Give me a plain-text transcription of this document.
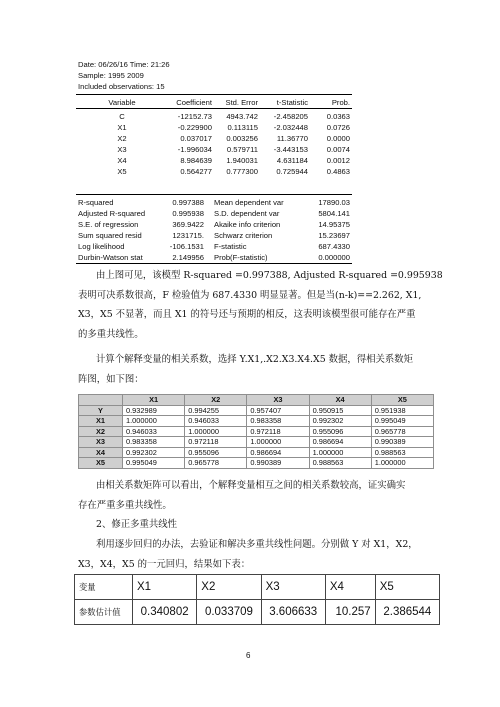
Date: 06/26/16 Time: 21:26
Sample: 1995 2009
Included observations: 15
Variable	Coefficient	Std. Error	t-Statistic	Prob.

C	-12152.73	4943.742	-2.458205	0.0363
X1	-0.229900	0.113115	-2.032448	0.0726
X2	0.037017	0.003256	11.36770	0.0000
X3	-1.996034	0.579711	-3.443153	0.0074
X4	8.984639	1.940031	4.631184	0.0012
X5	0.564277	0.777300	0.725944	0.4863
R-squared	0.997388	Mean dependent var	17890.03
Adjusted R-squared	0.995938	S.D. dependent var	5804.141
S.E. of regression	369.9422	Akaike info criterion	14.95375
Sum squared resid	1231715.	Schwarz criterion	15.23697
Log likelihood	-106.1531	F-statistic	687.4330
Durbin-Watson stat	2.149956	Prob(F-statistic)	0.000000
由上图可见，该模型 R-squared =0.997388, Adjusted R-squared =0.995938
表明可决系数很高，F 检验值为 687.4330 明显显著。但是当(n-k)==2.262, X1,
X3，X5 不显著，而且 X1 的符号还与预期的相反，这表明该模型很可能存在严重
的多重共线性。
计算个解释变量的相关系数，选择 Y.X1,.X2.X3.X4.X5 数据，得相关系数矩
阵图，如下图：
	X1	X2	X3	X4	X5
Y	0.932989	0.994255	0.957407	0.950915	0.951938
X1	1.000000	0.946033	0.983358	0.992302	0.995049
X2	0.946033	1.000000	0.972118	0.955096	0.965778
X3	0.983358	0.972118	1.000000	0.986694	0.990389
X4	0.992302	0.955096	0.986694	1.000000	0.988563
X5	0.995049	0.965778	0.990389	0.988563	1.000000
由相关系数矩阵可以看出，个解释变量相互之间的相关系数较高，证实确实
存在严重多重共线性。
2、修正多重共线性
利用逐步回归的办法，去验证和解决多重共线性问题。分别做 Y 对 X1，X2，
X3，X4，X5 的一元回归，结果如下表：
变量	X1	X2	X3	X4	X5
参数估计值	0.340802	0.033709	3.606633	10.257	2.386544
6
